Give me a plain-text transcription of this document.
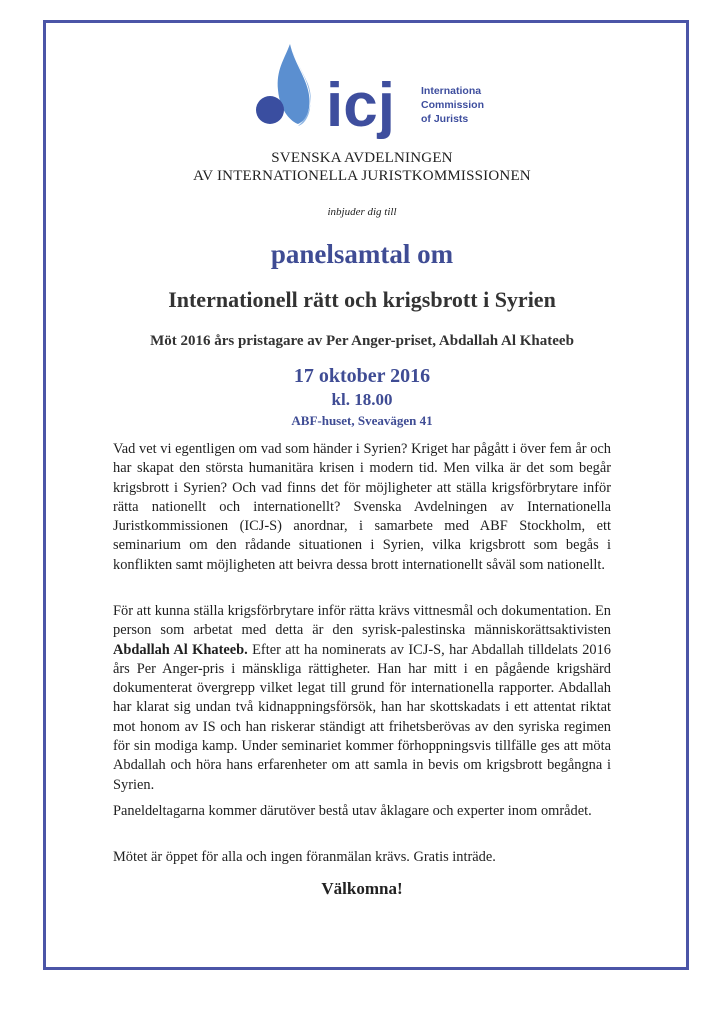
icj Internationa
Commission
of Jurists
SVENSKA AVDELNINGEN
AV INTERNATIONELLA JURISTKOMMISSIONEN
inbjuder dig till
panelsamtal om
Internationell rätt och krigsbrott i Syrien
Möt 2016 års pristagare av Per Anger-priset, Abdallah Al Khateeb
17 oktober 2016
kl. 18.00
ABF-huset, Sveavägen 41
Vad vet vi egentligen om vad som händer i Syrien? Kriget har pågått i över fem år och har skapat den största humanitära krisen i modern tid. Men vilka är det som begår krigsbrott i Syrien? Och vad finns det för möjligheter att ställa krigsförbrytare inför rätta nationellt och internationellt? Svenska Avdelningen av Internationella Juristkommissionen (ICJ-S) anordnar, i samarbete med ABF Stockholm, ett seminarium om den rådande situationen i Syrien, vilka krigsbrott som begås i konflikten samt möjligheten att beivra dessa brott internationellt såväl som nationellt.
För att kunna ställa krigsförbrytare inför rätta krävs vittnesmål och dokumentation. En person som arbetat med detta är den syrisk-palestinska människorättsaktivisten Abdallah Al Khateeb. Efter att ha nominerats av ICJ-S, har Abdallah tilldelats 2016 års Per Anger-pris i mänskliga rättigheter. Han har mitt i en pågående krigshärd dokumenterat övergrepp vilket legat till grund för internationella rapporter. Abdallah har klarat sig undan två kidnappningsförsök, han har skottskadats i ett attentat riktat mot honom av IS och han riskerar ständigt att frihetsberövas av den syriska regimen för sin modiga kamp. Under seminariet kommer förhoppningsvis tillfälle ges att möta Abdallah och höra hans erfarenheter om att samla in bevis om krigsbrott begångna i Syrien.
Paneldeltagarna kommer därutöver bestå utav åklagare och experter inom området.
Mötet är öppet för alla och ingen föranmälan krävs. Gratis inträde.
Välkomna!
